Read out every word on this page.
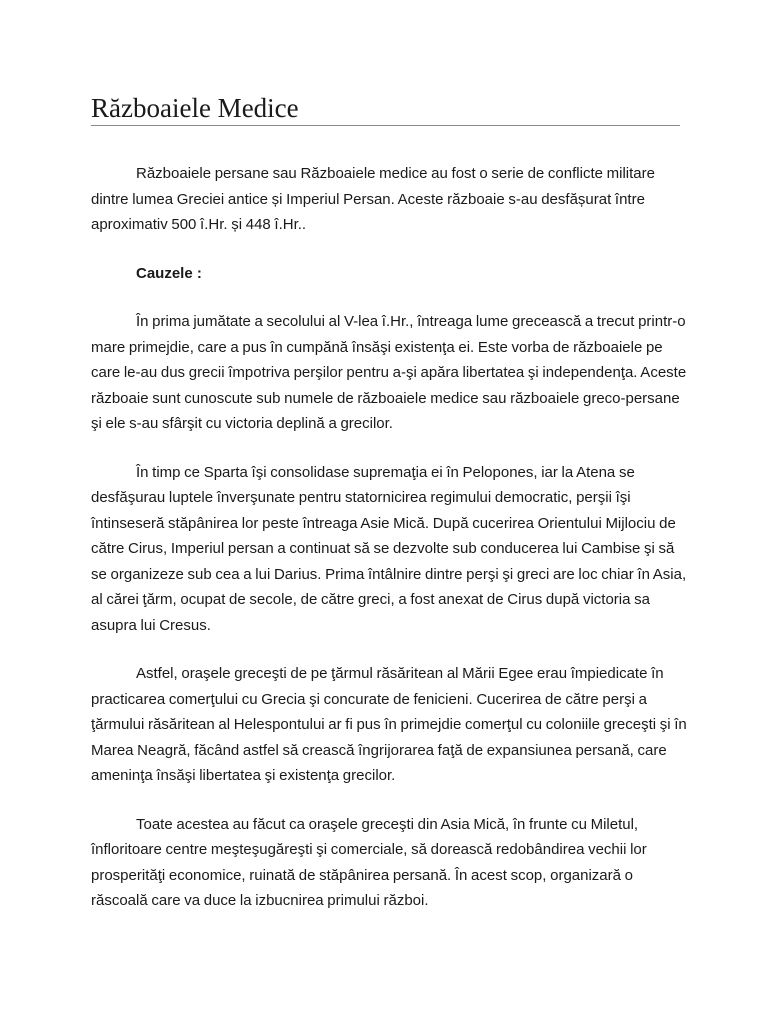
Războaiele Medice

Războaiele persane sau Războaiele medice au fost o serie de conflicte militare dintre lumea Greciei antice și Imperiul Persan. Aceste războaie s-au desfășurat între aproximativ 500 î.Hr. și 448 î.Hr..

Cauzele :

În prima jumătate a secolului al V-lea î.Hr., întreaga lume grecească a trecut printr-o mare primejdie, care a pus în cumpănă însăşi existenţa ei. Este vorba de războaiele pe care le-au dus grecii împotriva perşilor pentru a-şi apăra libertatea şi independenţa. Aceste războaie sunt cunoscute sub numele de războaiele medice sau războaiele greco-persane şi ele s-au sfârşit cu victoria deplină a grecilor.

În timp ce Sparta îşi consolidase supremaţia ei în Pelopones, iar la Atena se desfăşurau luptele înverşunate pentru statornicirea regimului democratic, perşii îşi întinseseră stăpânirea lor peste întreaga Asie Mică. După cucerirea Orientului Mijlociu de către Cirus, Imperiul persan a continuat să se dezvolte sub conducerea lui Cambise şi să se organizeze sub cea a lui Darius. Prima întâlnire dintre perşi şi greci are loc chiar în Asia, al cărei ţărm, ocupat de secole, de către greci, a fost anexat de Cirus după victoria sa asupra lui Cresus.

Astfel, oraşele greceşti de pe ţărmul răsăritean al Mării Egee erau împiedicate în practicarea comerţului cu Grecia şi concurate de fenicieni. Cucerirea de către perşi a ţărmului răsăritean al Helespontului ar fi pus în primejdie comerţul cu coloniile greceşti şi în Marea Neagră, făcând astfel să crească îngrijorarea faţă de expansiunea persană, care ameninţa însăşi libertatea şi existenţa grecilor.

Toate acestea au făcut ca oraşele greceşti din Asia Mică, în frunte cu Miletul, înfloritoare centre meşteşugăreşti şi comerciale, să dorească redobândirea vechii lor prosperităţi economice, ruinată de stăpânirea persană. În acest scop, organizară o răscoală care va duce la izbucnirea primului război.
